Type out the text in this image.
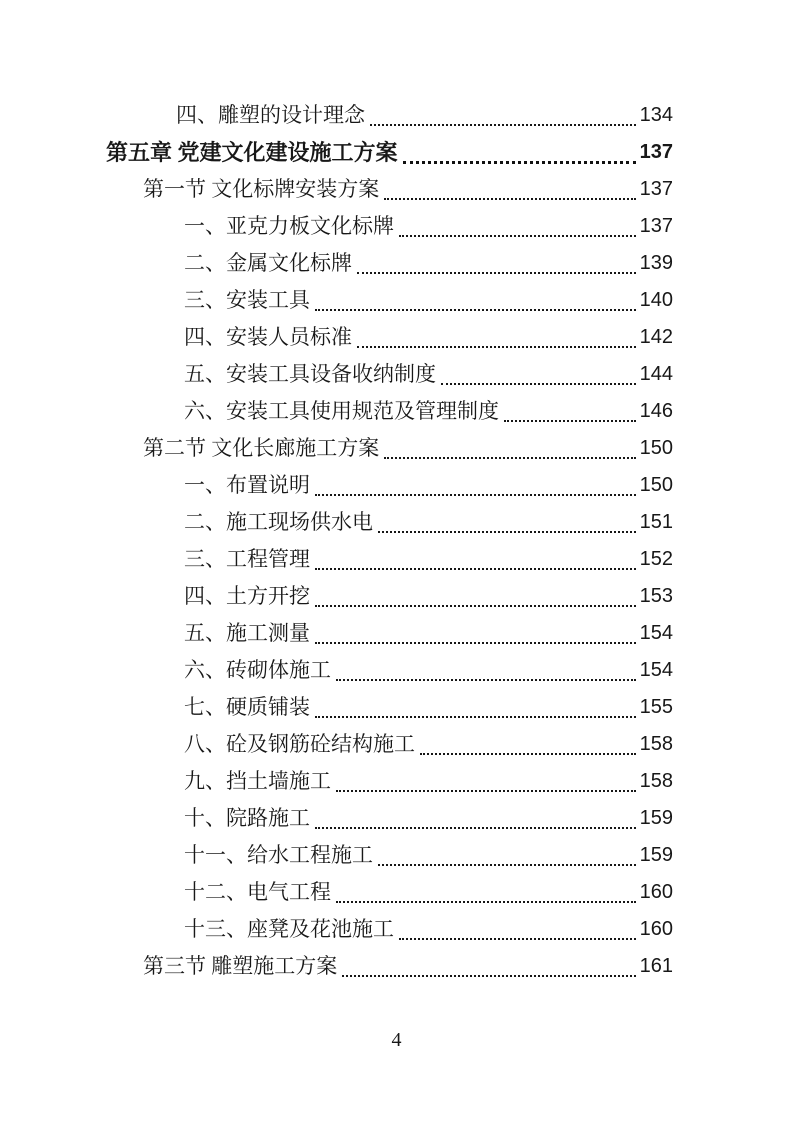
四、雕塑的设计理念	134
第五章 党建文化建设施工方案	137
第一节 文化标牌安装方案	137
一、亚克力板文化标牌	137
二、金属文化标牌	139
三、安装工具	140
四、安装人员标准	142
五、安装工具设备收纳制度	144
六、安装工具使用规范及管理制度	146
第二节 文化长廊施工方案	150
一、布置说明	150
二、施工现场供水电	151
三、工程管理	152
四、土方开挖	153
五、施工测量	154
六、砖砌体施工	154
七、硬质铺装	155
八、砼及钢筋砼结构施工	158
九、挡土墙施工	158
十、院路施工	159
十一、给水工程施工	159
十二、电气工程	160
十三、座凳及花池施工	160
第三节 雕塑施工方案	161
4
